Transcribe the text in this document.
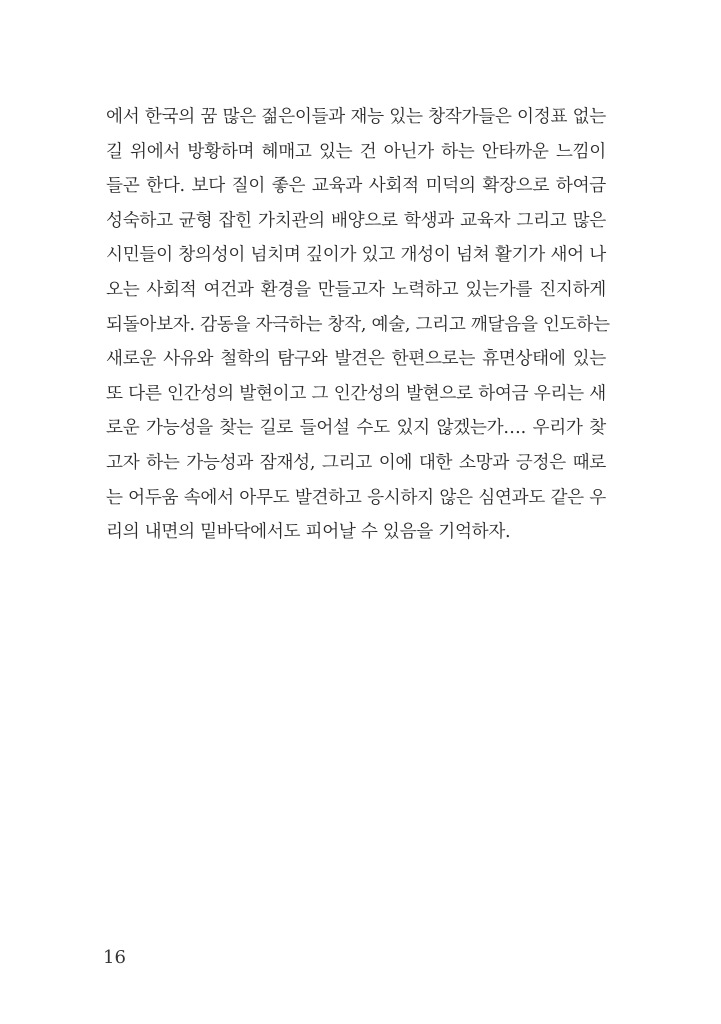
에서 한국의 꿈 많은 젊은이들과 재능 있는 창작가들은 이정표 없는
길 위에서 방황하며 헤매고 있는 건 아닌가 하는 안타까운 느낌이
들곤 한다. 보다 질이 좋은 교육과 사회적 미덕의 확장으로 하여금
성숙하고 균형 잡힌 가치관의 배양으로 학생과 교육자 그리고 많은
시민들이 창의성이 넘치며 깊이가 있고 개성이 넘쳐 활기가 새어 나
오는 사회적 여건과 환경을 만들고자 노력하고 있는가를 진지하게
되돌아보자. 감동을 자극하는 창작, 예술, 그리고 깨달음을 인도하는
새로운 사유와 철학의 탐구와 발견은 한편으로는 휴면상태에 있는
또 다른 인간성의 발현이고 그 인간성의 발현으로 하여금 우리는 새
로운 가능성을 찾는 길로 들어설 수도 있지 않겠는가…. 우리가 찾
고자 하는 가능성과 잠재성, 그리고 이에 대한 소망과 긍정은 때로
는 어두움 속에서 아무도 발견하고 응시하지 않은 심연과도 같은 우
리의 내면의 밑바닥에서도 피어날 수 있음을 기억하자.
16
